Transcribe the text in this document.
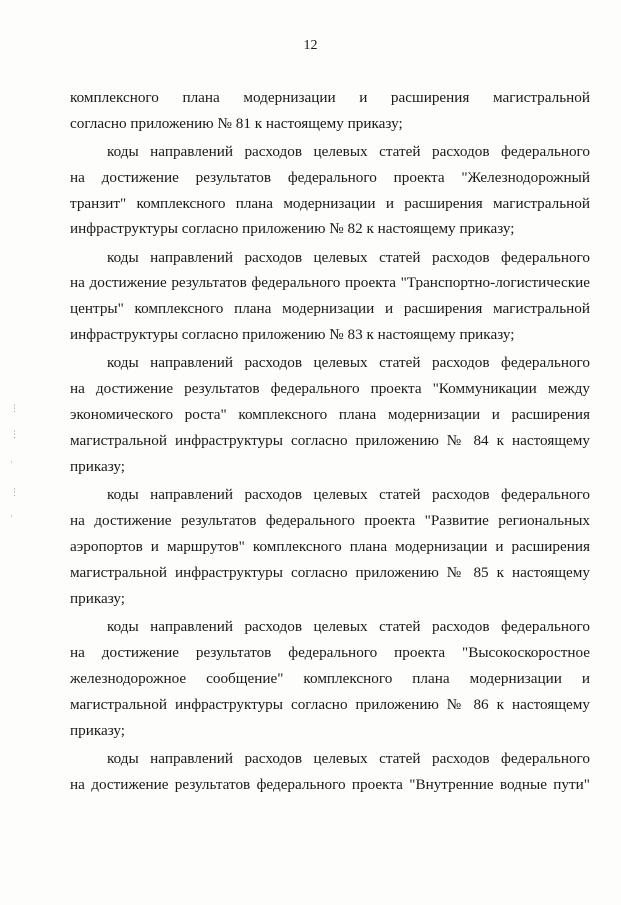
12
комплексного плана модернизации и расширения магистральной
согласно приложению № 81 к настоящему приказу;
коды направлений расходов целевых статей расходов федерального
на достижение результатов федерального проекта "Железнодорожный
транзит" комплексного плана модернизации и расширения магистральной
инфраструктуры согласно приложению № 82 к настоящему приказу;
коды направлений расходов целевых статей расходов федерального
на достижение результатов федерального проекта "Транспортно-логистические
центры" комплексного плана модернизации и расширения магистральной
инфраструктуры согласно приложению № 83 к настоящему приказу;
коды направлений расходов целевых статей расходов федерального
на достижение результатов федерального проекта "Коммуникации между
экономического роста" комплексного плана модернизации и расширения
магистральной инфраструктуры согласно приложению № 84 к настоящему
приказу;
коды направлений расходов целевых статей расходов федерального
на достижение результатов федерального проекта "Развитие региональных
аэропортов и маршрутов" комплексного плана модернизации и расширения
магистральной инфраструктуры согласно приложению № 85 к настоящему
приказу;
коды направлений расходов целевых статей расходов федерального
на достижение результатов федерального проекта "Высокоскоростное
железнодорожное сообщение" комплексного плана модернизации и
магистральной инфраструктуры согласно приложению № 86 к настоящему
приказу;
коды направлений расходов целевых статей расходов федерального
на достижение результатов федерального проекта "Внутренние водные пути"
⋮
⋮
·
⋮
·
